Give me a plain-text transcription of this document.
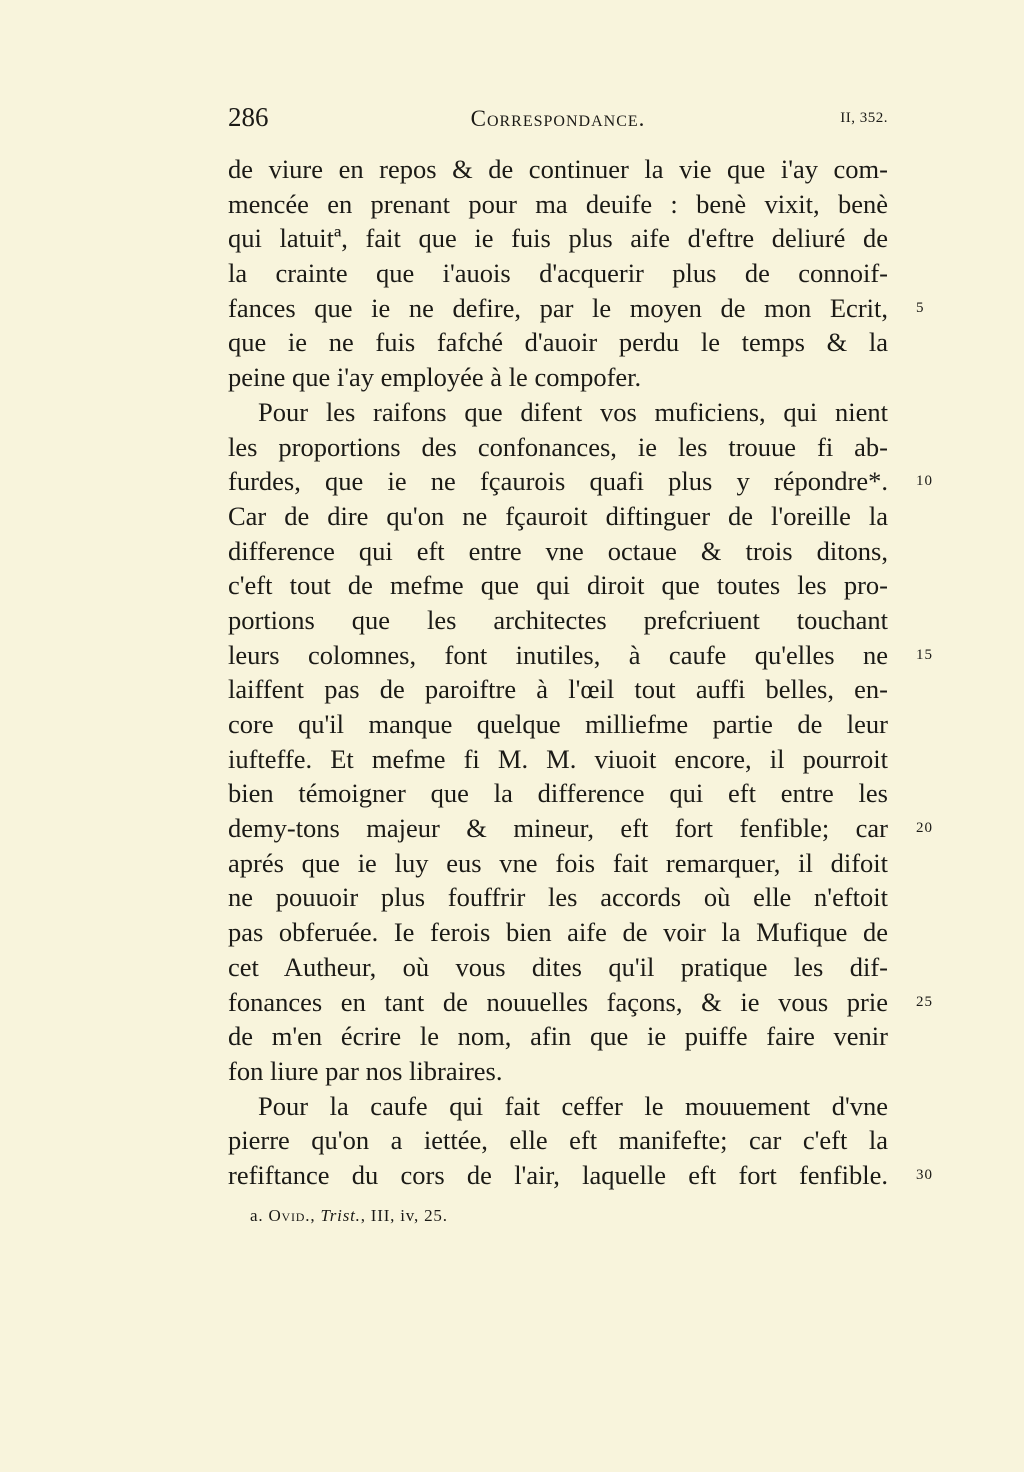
286	Correspondance.	II, 352.
de viure en repos & de continuer la vie que i'ay com-
mencée en prenant pour ma deuife : benè vixit, benè
qui latuitª, fait que ie fuis plus aife d'eftre deliuré de
la crainte que i'auois d'acquerir plus de connoif-
fances que ie ne defire, par le moyen de mon Ecrit, 5
que ie ne fuis fafché d'auoir perdu le temps & la
peine que i'ay employée à le compofer.
Pour les raifons que difent vos muficiens, qui nient
les proportions des confonances, ie les trouue fi ab-
furdes, que ie ne fçaurois quafi plus y répondre*. 10
Car de dire qu'on ne fçauroit diftinguer de l'oreille la
difference qui eft entre vne octaue & trois ditons,
c'eft tout de mefme que qui diroit que toutes les pro-
portions que les architectes prefcriuent touchant
leurs colomnes, font inutiles, à caufe qu'elles ne 15
laiffent pas de paroiftre à l'œil tout auffi belles, en-
core qu'il manque quelque milliefme partie de leur
iufteffe. Et mefme fi M. M. viuoit encore, il pourroit
bien témoigner que la difference qui eft entre les
demy-tons majeur & mineur, eft fort fenfible; car 20
aprés que ie luy eus vne fois fait remarquer, il difoit
ne pouuoir plus fouffrir les accords où elle n'eftoit
pas obferuée. Ie ferois bien aife de voir la Mufique de
cet Autheur, où vous dites qu'il pratique les dif-
fonances en tant de nouuelles façons, & ie vous prie 25
de m'en écrire le nom, afin que ie puiffe faire venir
fon liure par nos libraires.
Pour la caufe qui fait ceffer le mouuement d'vne
pierre qu'on a iettée, elle eft manifefte; car c'eft la
refiftance du cors de l'air, laquelle eft fort fenfible. 30
a. Ovid., Trist., III, iv, 25.
